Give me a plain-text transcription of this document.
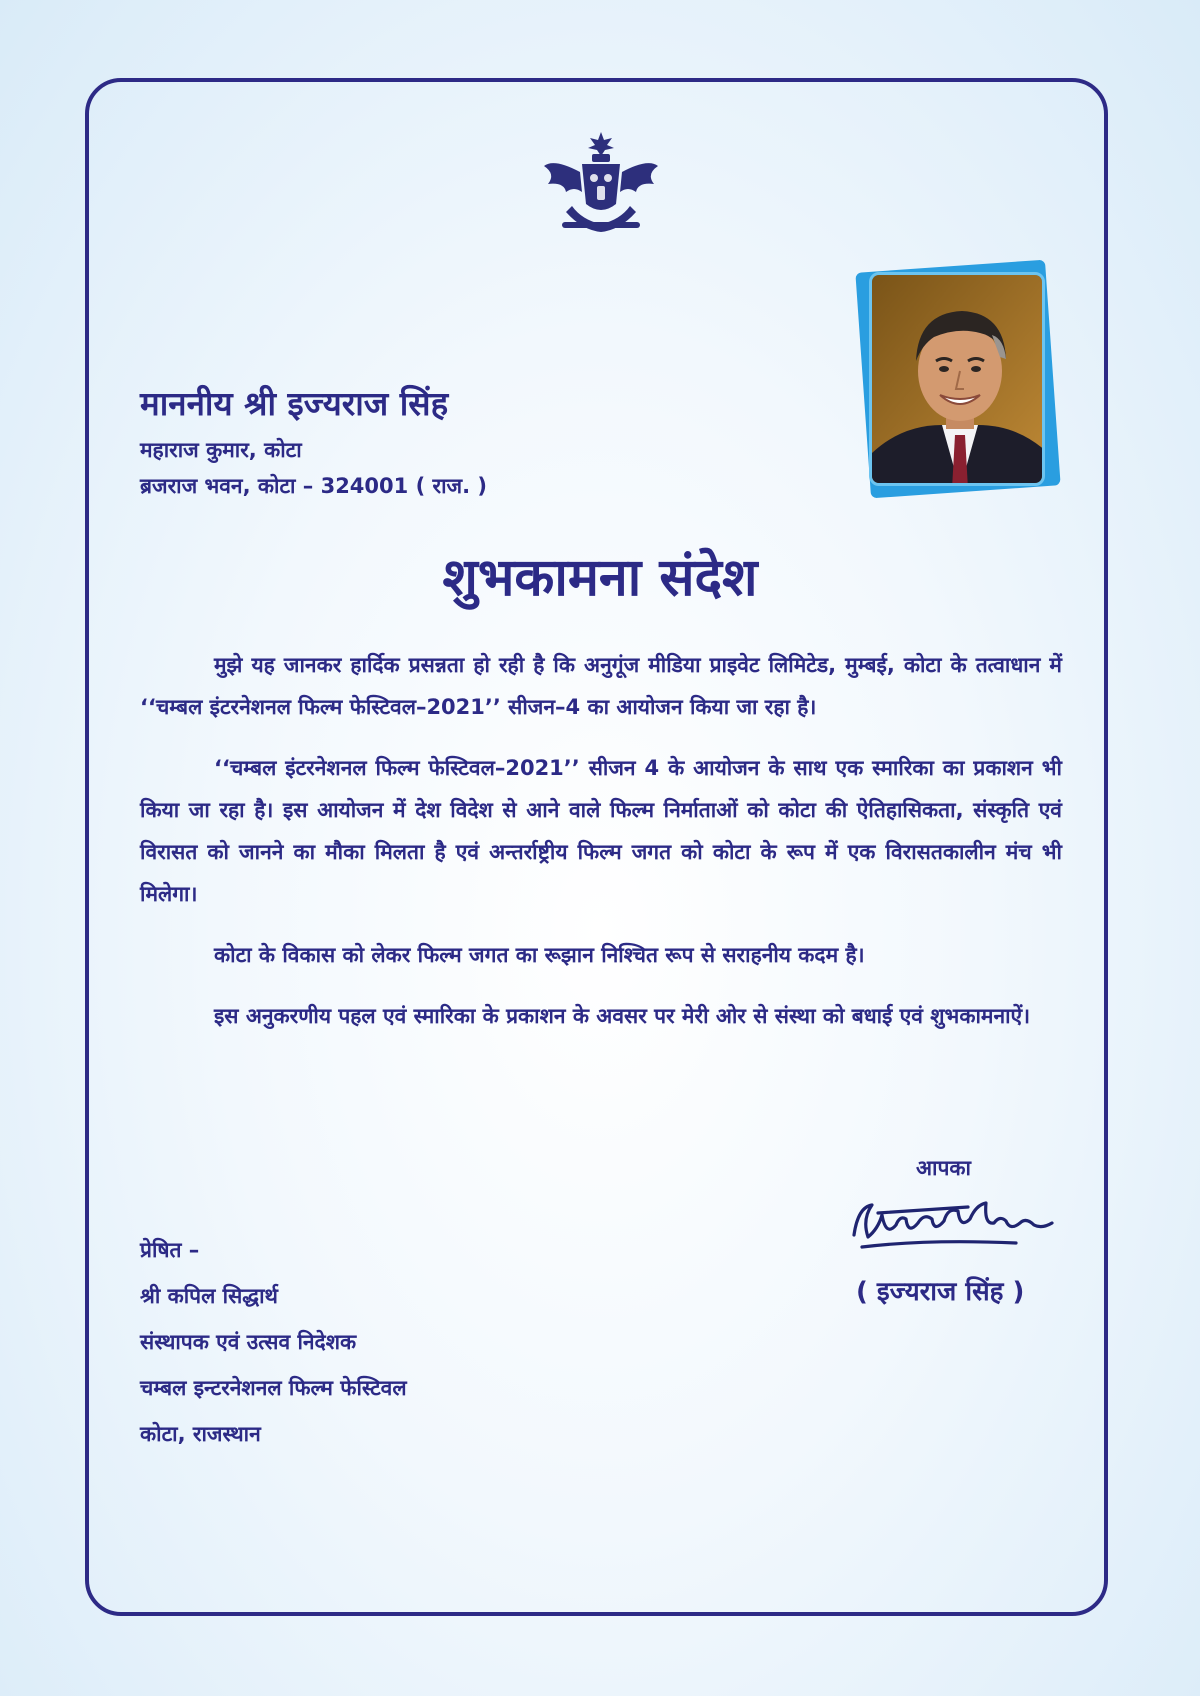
माननीय श्री इज्यराज सिंह
महाराज कुमार, कोटा
ब्रजराज भवन, कोटा – 324001 ( राज. )
शुभकामना संदेश

मुझे यह जानकर हार्दिक प्रसन्नता हो रही है कि अनुगूंज मीडिया प्राइवेट लिमिटेड, मुम्बई, कोटा के तत्वाधान में ‘‘चम्बल इंटरनेशनल फिल्म फेस्टिवल–2021’’ सीजन–4 का आयोजन किया जा रहा है।

‘‘चम्बल इंटरनेशनल फिल्म फेस्टिवल–2021’’ सीजन 4 के आयोजन के साथ एक स्मारिका का प्रकाशन भी किया जा रहा है। इस आयोजन में देश विदेश से आने वाले फिल्म निर्माताओं को कोटा की ऐतिहासिकता, संस्कृति एवं विरासत को जानने का मौका मिलता है एवं अन्तर्राष्ट्रीय फिल्म जगत को कोटा के रूप में एक विरासतकालीन मंच भी मिलेगा।

कोटा के विकास को लेकर फिल्म जगत का रूझान निश्चित रूप से सराहनीय कदम है।

इस अनुकरणीय पहल एवं स्मारिका के प्रकाशन के अवसर पर मेरी ओर से संस्था को बधाई एवं शुभकामनाऐं।

आपका
( इज्यराज सिंह )
प्रेषित –
श्री कपिल सिद्धार्थ
संस्थापक एवं उत्सव निदेशक
चम्बल इन्टरनेशनल फिल्म फेस्टिवल
कोटा, राजस्थान
